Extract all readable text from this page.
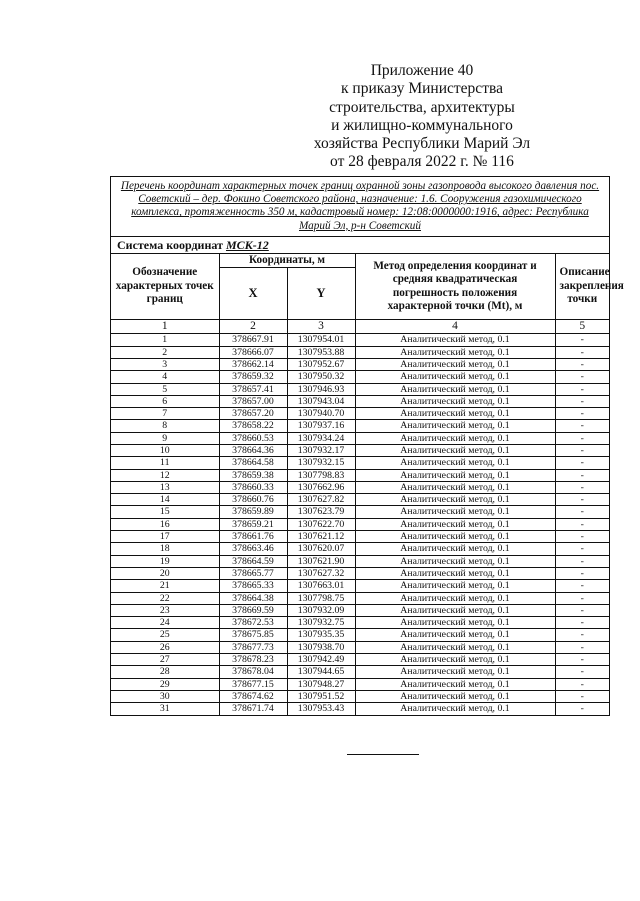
Приложение 40
к приказу Министерства
строительства, архитектуры
и жилищно-коммунального
хозяйства Республики Марий Эл
от 28 февраля 2022 г. № 116
Перечень координат характерных точек границ охранной зоны газопровода высокого давления пос. Советский – дер. Фокино Советского района, назначение: 1.6. Сооружения газохимического комплекса, протяженность 350 м, кадастровый номер: 12:08:0000000:1916, адрес: Республика Марий Эл, р-н Советский
Система координат МСК-12
Обозначение характерных точек границ	Координаты, м		Метод определения координат и средняя квадратическая погрешность положения характерной точки (Mt), м	Описание закрепления точки
	X	Y		
1	2	3	4	5
1	378667.91	1307954.01	Аналитический метод, 0.1	-
2	378666.07	1307953.88	Аналитический метод, 0.1	-
3	378662.14	1307952.67	Аналитический метод, 0.1	-
4	378659.32	1307950.32	Аналитический метод, 0.1	-
5	378657.41	1307946.93	Аналитический метод, 0.1	-
6	378657.00	1307943.04	Аналитический метод, 0.1	-
7	378657.20	1307940.70	Аналитический метод, 0.1	-
8	378658.22	1307937.16	Аналитический метод, 0.1	-
9	378660.53	1307934.24	Аналитический метод, 0.1	-
10	378664.36	1307932.17	Аналитический метод, 0.1	-
11	378664.58	1307932.15	Аналитический метод, 0.1	-
12	378659.38	1307798.83	Аналитический метод, 0.1	-
13	378660.33	1307662.96	Аналитический метод, 0.1	-
14	378660.76	1307627.82	Аналитический метод, 0.1	-
15	378659.89	1307623.79	Аналитический метод, 0.1	-
16	378659.21	1307622.70	Аналитический метод, 0.1	-
17	378661.76	1307621.12	Аналитический метод, 0.1	-
18	378663.46	1307620.07	Аналитический метод, 0.1	-
19	378664.59	1307621.90	Аналитический метод, 0.1	-
20	378665.77	1307627.32	Аналитический метод, 0.1	-
21	378665.33	1307663.01	Аналитический метод, 0.1	-
22	378664.38	1307798.75	Аналитический метод, 0.1	-
23	378669.59	1307932.09	Аналитический метод, 0.1	-
24	378672.53	1307932.75	Аналитический метод, 0.1	-
25	378675.85	1307935.35	Аналитический метод, 0.1	-
26	378677.73	1307938.70	Аналитический метод, 0.1	-
27	378678.23	1307942.49	Аналитический метод, 0.1	-
28	378678.04	1307944.65	Аналитический метод, 0.1	-
29	378677.15	1307948.27	Аналитический метод, 0.1	-
30	378674.62	1307951.52	Аналитический метод, 0.1	-
31	378671.74	1307953.43	Аналитический метод, 0.1	-
